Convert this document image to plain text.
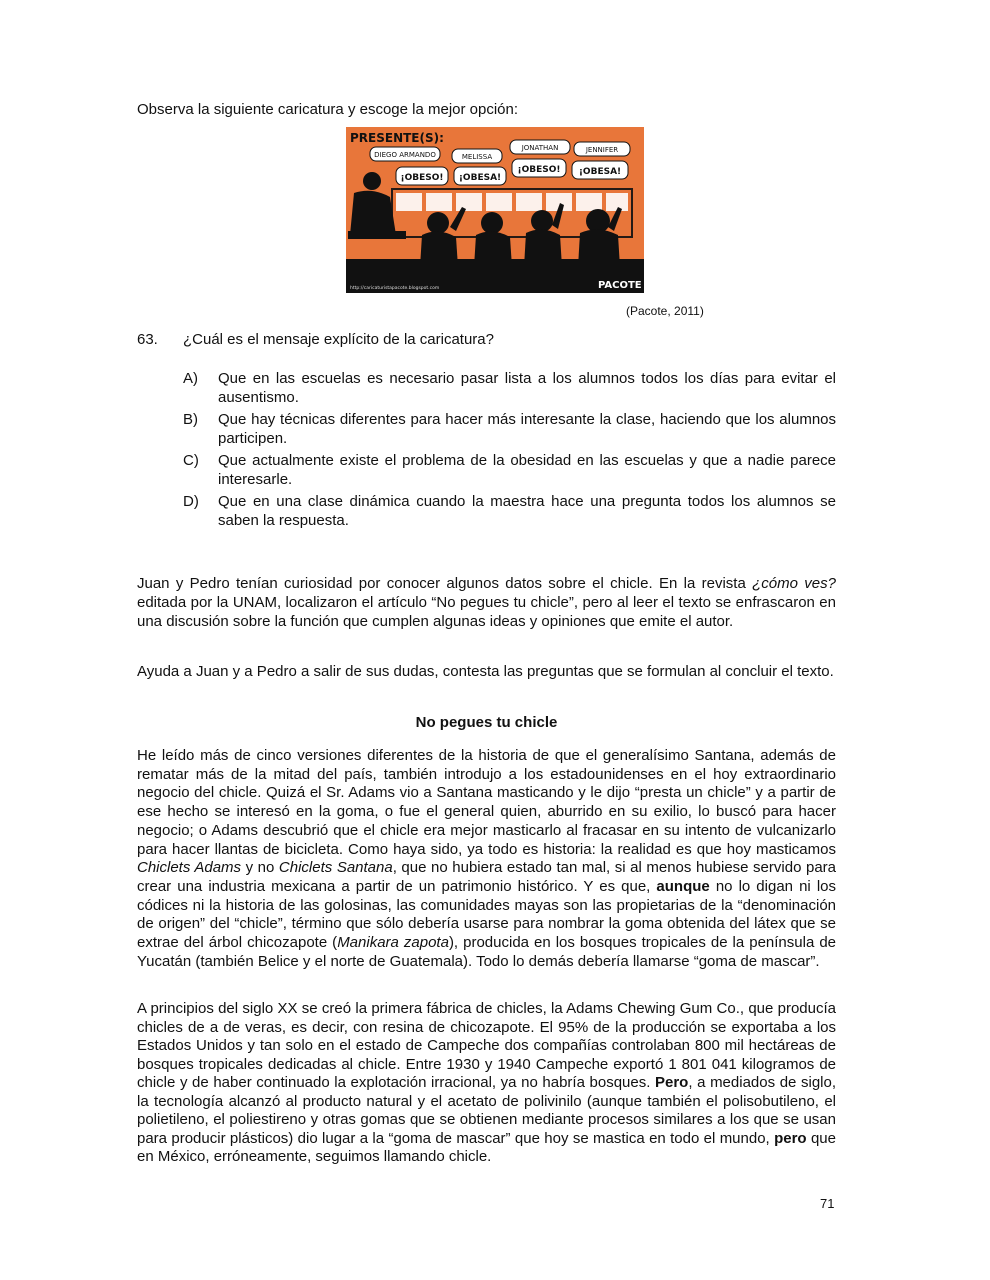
Observa la siguiente caricatura y escoge la mejor opción:

PRESENTE(S):
DIEGO ARMANDO	MELISSA
JONATHAN	JENNIFER
¡OBESO! ¡OBESA!
¡OBESO! ¡OBESA!
http://caricaturistapacote.blogspot.com	PACOTE

(Pacote, 2011)

63. ¿Cuál es el mensaje explícito de la caricatura?
A) Que en las escuelas es necesario pasar lista a los alumnos todos los días para evitar el ausentismo.
B) Que hay técnicas diferentes para hacer más interesante la clase, haciendo que los alumnos participen.
C) Que actualmente existe el problema de la obesidad en las escuelas y que a nadie parece interesarle.
D) Que en una clase dinámica cuando la maestra hace una pregunta todos los alumnos se saben la respuesta.

Juan y Pedro tenían curiosidad por conocer algunos datos sobre el chicle. En la revista ¿cómo ves? editada por la UNAM, localizaron el artículo “No pegues tu chicle”, pero al leer el texto se enfrascaron en una discusión sobre la función que cumplen algunas ideas y opiniones que emite el autor.

Ayuda a Juan y a Pedro a salir de sus dudas, contesta las preguntas que se formulan al concluir el texto.

No pegues tu chicle

He leído más de cinco versiones diferentes de la historia de que el generalísimo Santana, además de rematar más de la mitad del país, también introdujo a los estadounidenses en el hoy extraordinario negocio del chicle. Quizá el Sr. Adams vio a Santana masticando y le dijo “presta un chicle” y a partir de ese hecho se interesó en la goma, o fue el general quien, aburrido en su exilio, lo buscó para hacer negocio; o Adams descubrió que el chicle era mejor masticarlo al fracasar en su intento de vulcanizarlo para hacer llantas de bicicleta. Como haya sido, ya todo es historia: la realidad es que hoy masticamos Chiclets Adams y no Chiclets Santana, que no hubiera estado tan mal, si al menos hubiese servido para crear una industria mexicana a partir de un patrimonio histórico. Y es que, aunque no lo digan ni los códices ni la historia de las golosinas, las comunidades mayas son las propietarias de la “denominación de origen” del “chicle”, término que sólo debería usarse para nombrar la goma obtenida del látex que se extrae del árbol chicozapote (Manikara zapota), producida en los bosques tropicales de la península de Yucatán (también Belice y el norte de Guatemala). Todo lo demás debería llamarse “goma de mascar”.

A principios del siglo XX se creó la primera fábrica de chicles, la Adams Chewing Gum Co., que producía chicles de a de veras, es decir, con resina de chicozapote. El 95% de la producción se exportaba a los Estados Unidos y tan solo en el estado de Campeche dos compañías controlaban 800 mil hectáreas de bosques tropicales dedicadas al chicle. Entre 1930 y 1940 Campeche exportó 1 801 041 kilogramos de chicle y de haber continuado la explotación irracional, ya no habría bosques. Pero, a mediados de siglo, la tecnología alcanzó al producto natural y el acetato de polivinilo (aunque también el polisobutileno, el polietileno, el poliestireno y otras gomas que se obtienen mediante procesos similares a los que se usan para producir plásticos) dio lugar a la “goma de mascar” que hoy se mastica en todo el mundo, pero que en México, erróneamente, seguimos llamando chicle.

71
